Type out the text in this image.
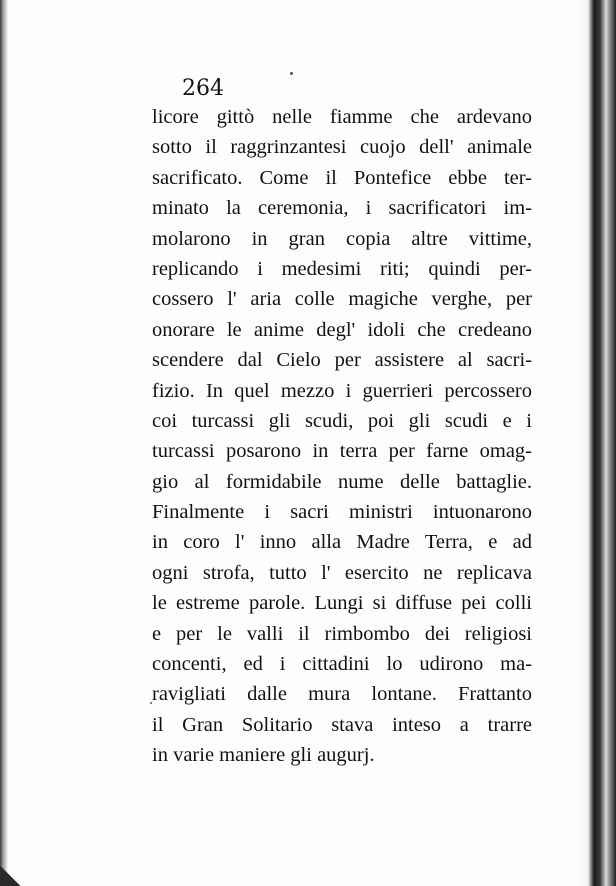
264
licore gittò nelle fiamme che ardevano
sotto il raggrinzantesi cuojo dell' animale
sacrificato. Come il Pontefice ebbe ter-
minato la ceremonia, i sacrificatori im-
molarono in gran copia altre vittime,
replicando i medesimi riti; quindi per-
cossero l' aria colle magiche verghe, per
onorare le anime degl' idoli che credeano
scendere dal Cielo per assistere al sacri-
fizio. In quel mezzo i guerrieri percossero
coi turcassi gli scudi, poi gli scudi e i
turcassi posarono in terra per farne omag-
gio al formidabile nume delle battaglie.
Finalmente i sacri ministri intuonarono
in coro l' inno alla Madre Terra, e ad
ogni strofa, tutto l' esercito ne replicava
le estreme parole. Lungi si diffuse pei colli
e per le valli il rimbombo dei religiosi
concenti, ed i cittadini lo udirono ma-
ravigliati dalle mura lontane. Frattanto
il Gran Solitario stava inteso a trarre
in varie maniere gli augurj.
